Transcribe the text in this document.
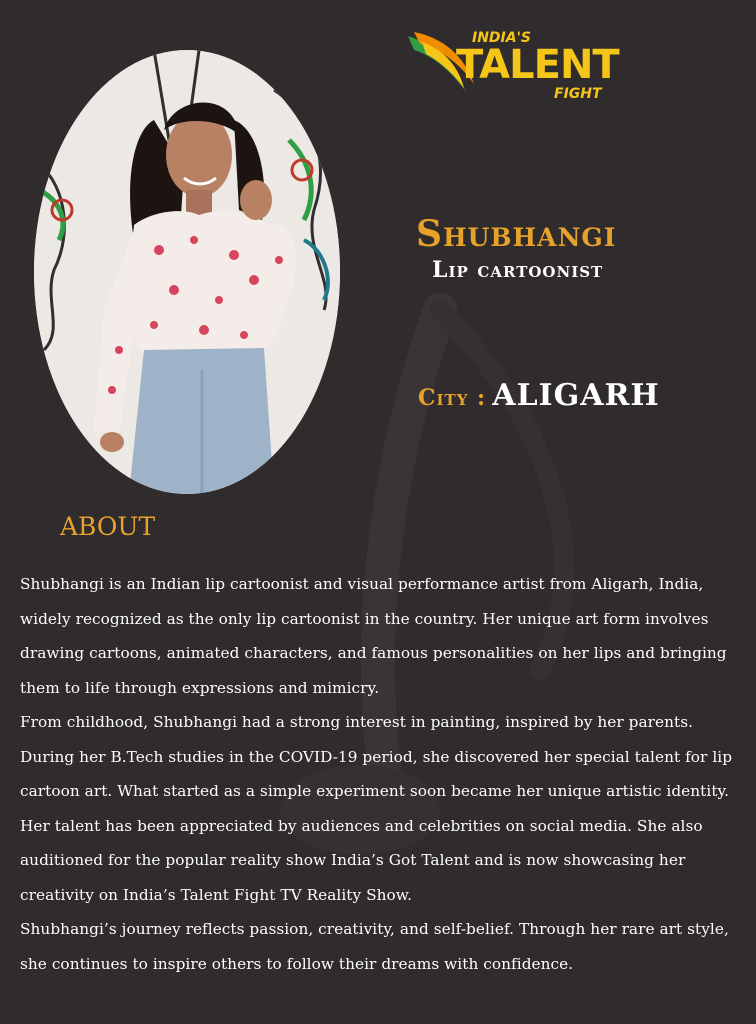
INDIA'S
TALENT
FIGHT
Shubhangi
Lip cartoonist
City : ALIGARH
ABOUT

Shubhangi is an Indian lip cartoonist and visual performance artist from Aligarh, India, widely recognized as the only lip cartoonist in the country. Her unique art form involves drawing cartoons, animated characters, and famous personalities on her lips and bringing them to life through expressions and mimicry.

From childhood, Shubhangi had a strong interest in painting, inspired by her parents. During her B.Tech studies in the COVID-19 period, she discovered her special talent for lip cartoon art. What started as a simple experiment soon became her unique artistic identity.

Her talent has been appreciated by audiences and celebrities on social media. She also auditioned for the popular reality show India’s Got Talent and is now showcasing her creativity on India’s Talent Fight TV Reality Show.

Shubhangi’s journey reflects passion, creativity, and self-belief. Through her rare art style, she continues to inspire others to follow their dreams with confidence.
